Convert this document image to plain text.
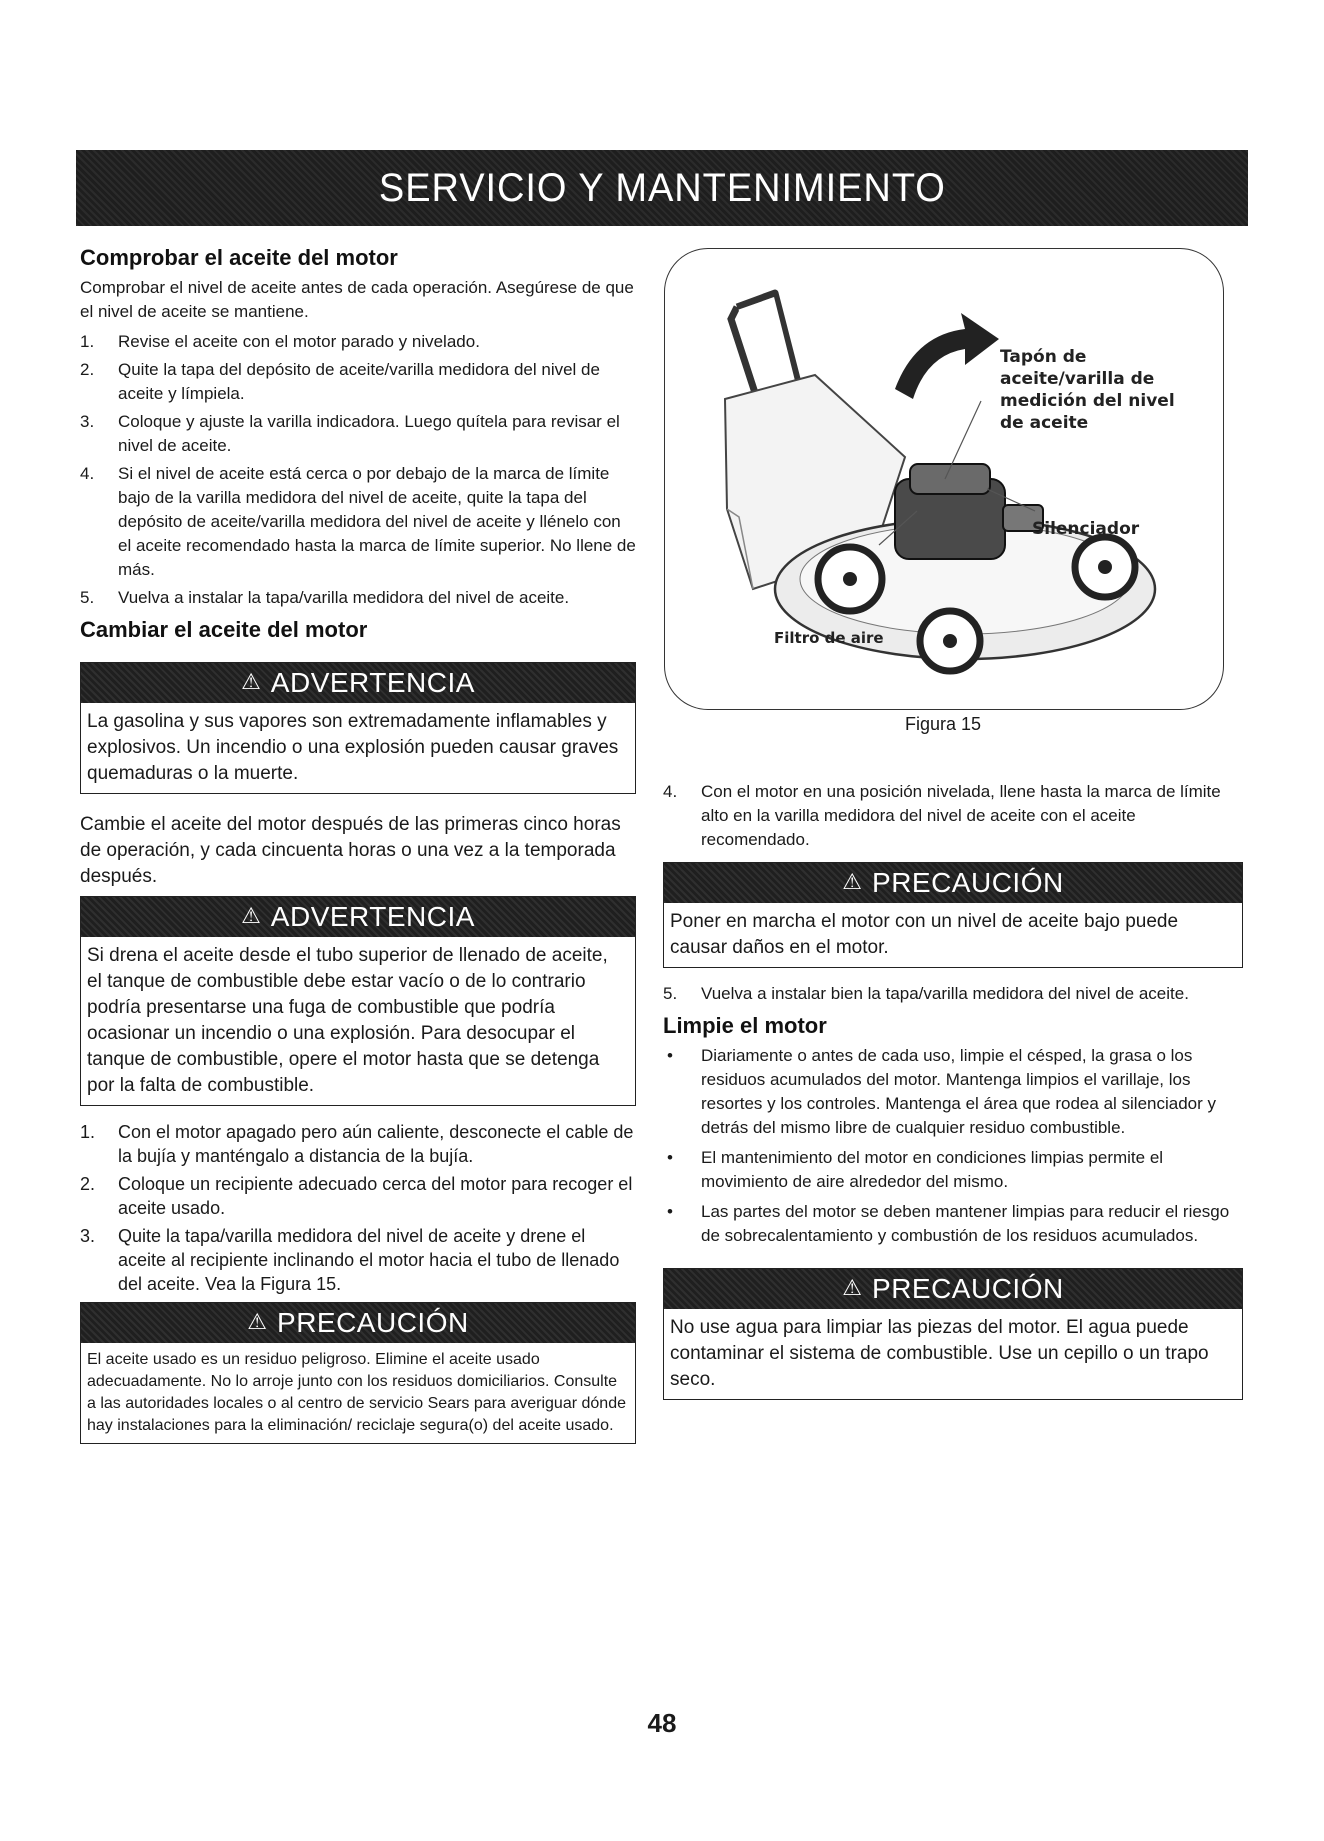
SERVICIO Y MANTENIMIENTO
Comprobar el aceite del motor

Comprobar el nivel de aceite antes de cada operación. Asegúrese de que el nivel de aceite se mantiene.

1.	Revise el aceite con el motor parado y nivelado.
2.	Quite la tapa del depósito de aceite/varilla medidora del nivel de aceite y límpiela.
3.	Coloque y ajuste la varilla indicadora. Luego quítela para revisar el nivel de aceite.
4.	Si el nivel de aceite está cerca o por debajo de la marca de límite bajo de la varilla medidora del nivel de aceite, quite la tapa del depósito de aceite/varilla medidora del nivel de aceite y llénelo con el aceite recomendado hasta la marca de límite superior. No llene de más.
5.	Vuelva a instalar la tapa/varilla medidora del nivel de aceite.
Cambiar el aceite del motor
⚠ ADVERTENCIA
La gasolina y sus vapores son extremadamente inflamables y explosivos. Un incendio o una explosión pueden causar graves quemaduras o la muerte.

Cambie el aceite del motor después de las primeras cinco horas de operación, y cada cincuenta horas o una vez a la temporada después.

⚠ ADVERTENCIA
Si drena el aceite desde el tubo superior de llenado de aceite, el tanque de combustible debe estar vacío o de lo contrario podría presentarse una fuga de combustible que podría ocasionar un incendio o una explosión. Para desocupar el tanque de combustible, opere el motor hasta que se detenga por la falta de combustible.
1.	Con el motor apagado pero aún caliente, desconecte el cable de la bujía y manténgalo a distancia de la bujía.
2.	Coloque un recipiente adecuado cerca del motor para recoger el aceite usado.
3.	Quite la tapa/varilla medidora del nivel de aceite y drene el aceite al recipiente inclinando el motor hacia el tubo de llenado del aceite. Vea la Figura 15.
⚠ PRECAUCIÓN
El aceite usado es un residuo peligroso. Elimine el aceite usado adecuadamente. No lo arroje junto con los residuos domiciliarios. Consulte a las autoridades locales o al centro de servicio Sears para averiguar dónde hay instalaciones para la eliminación/ reciclaje segura(o) del aceite usado.
Tapón de aceite/varilla de medición del nivel de aceite
Silenciador
Filtro de aire
Figura 15
4.	Con el motor en una posición nivelada, llene hasta la marca de límite alto en la varilla medidora del nivel de aceite con el aceite recomendado.
⚠ PRECAUCIÓN
Poner en marcha el motor con un nivel de aceite bajo puede causar daños en el motor.
5.	Vuelva a instalar bien la tapa/varilla medidora del nivel de aceite.
Limpie el motor
• Diariamente o antes de cada uso, limpie el césped, la grasa o los residuos acumulados del motor. Mantenga limpios el varillaje, los resortes y los controles. Mantenga el área que rodea al silenciador y detrás del mismo libre de cualquier residuo combustible.
• El mantenimiento del motor en condiciones limpias permite el movimiento de aire alrededor del mismo.
• Las partes del motor se deben mantener limpias para reducir el riesgo de sobrecalentamiento y combustión de los residuos acumulados.
⚠ PRECAUCIÓN
No use agua para limpiar las piezas del motor. El agua puede contaminar el sistema de combustible. Use un cepillo o un trapo seco.
48
